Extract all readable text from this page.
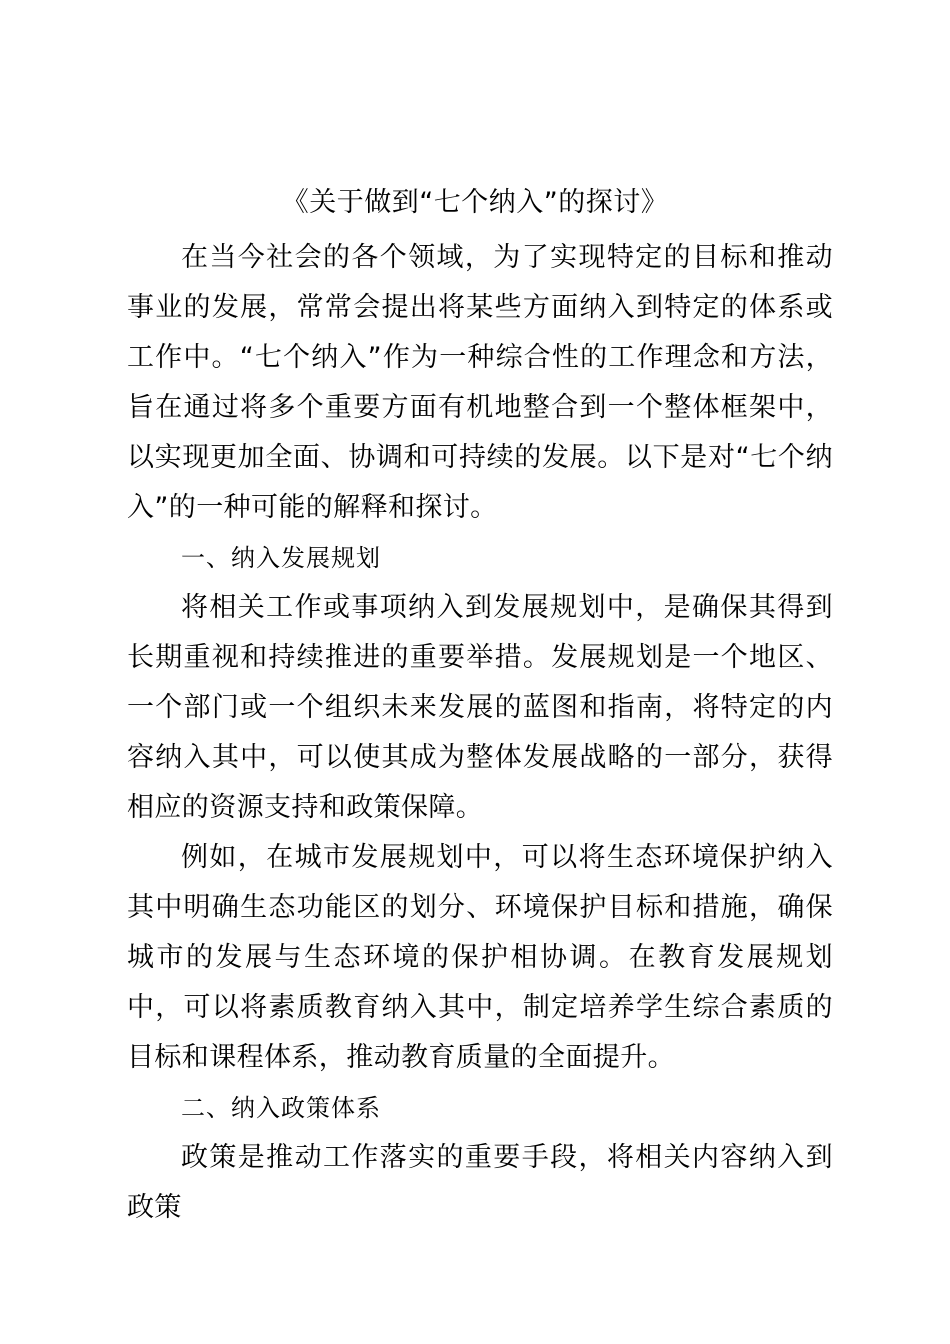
《关于做到“七个纳入”的探讨》

在当今社会的各个领域，为了实现特定的目标和推动事业的发展，常常会提出将某些方面纳入到特定的体系或工作中。“七个纳入”作为一种综合性的工作理念和方法，旨在通过将多个重要方面有机地整合到一个整体框架中，以实现更加全面、协调和可持续的发展。以下是对“七个纳入”的一种可能的解释和探讨。

一、纳入发展规划

将相关工作或事项纳入到发展规划中，是确保其得到长期重视和持续推进的重要举措。发展规划是一个地区、一个部门或一个组织未来发展的蓝图和指南，将特定的内容纳入其中，可以使其成为整体发展战略的一部分，获得相应的资源支持和政策保障。

例如，在城市发展规划中，可以将生态环境保护纳入其中明确生态功能区的划分、环境保护目标和措施，确保城市的发展与生态环境的保护相协调。在教育发展规划中，可以将素质教育纳入其中，制定培养学生综合素质的目标和课程体系，推动教育质量的全面提升。

二、纳入政策体系

政策是推动工作落实的重要手段，将相关内容纳入到政策
